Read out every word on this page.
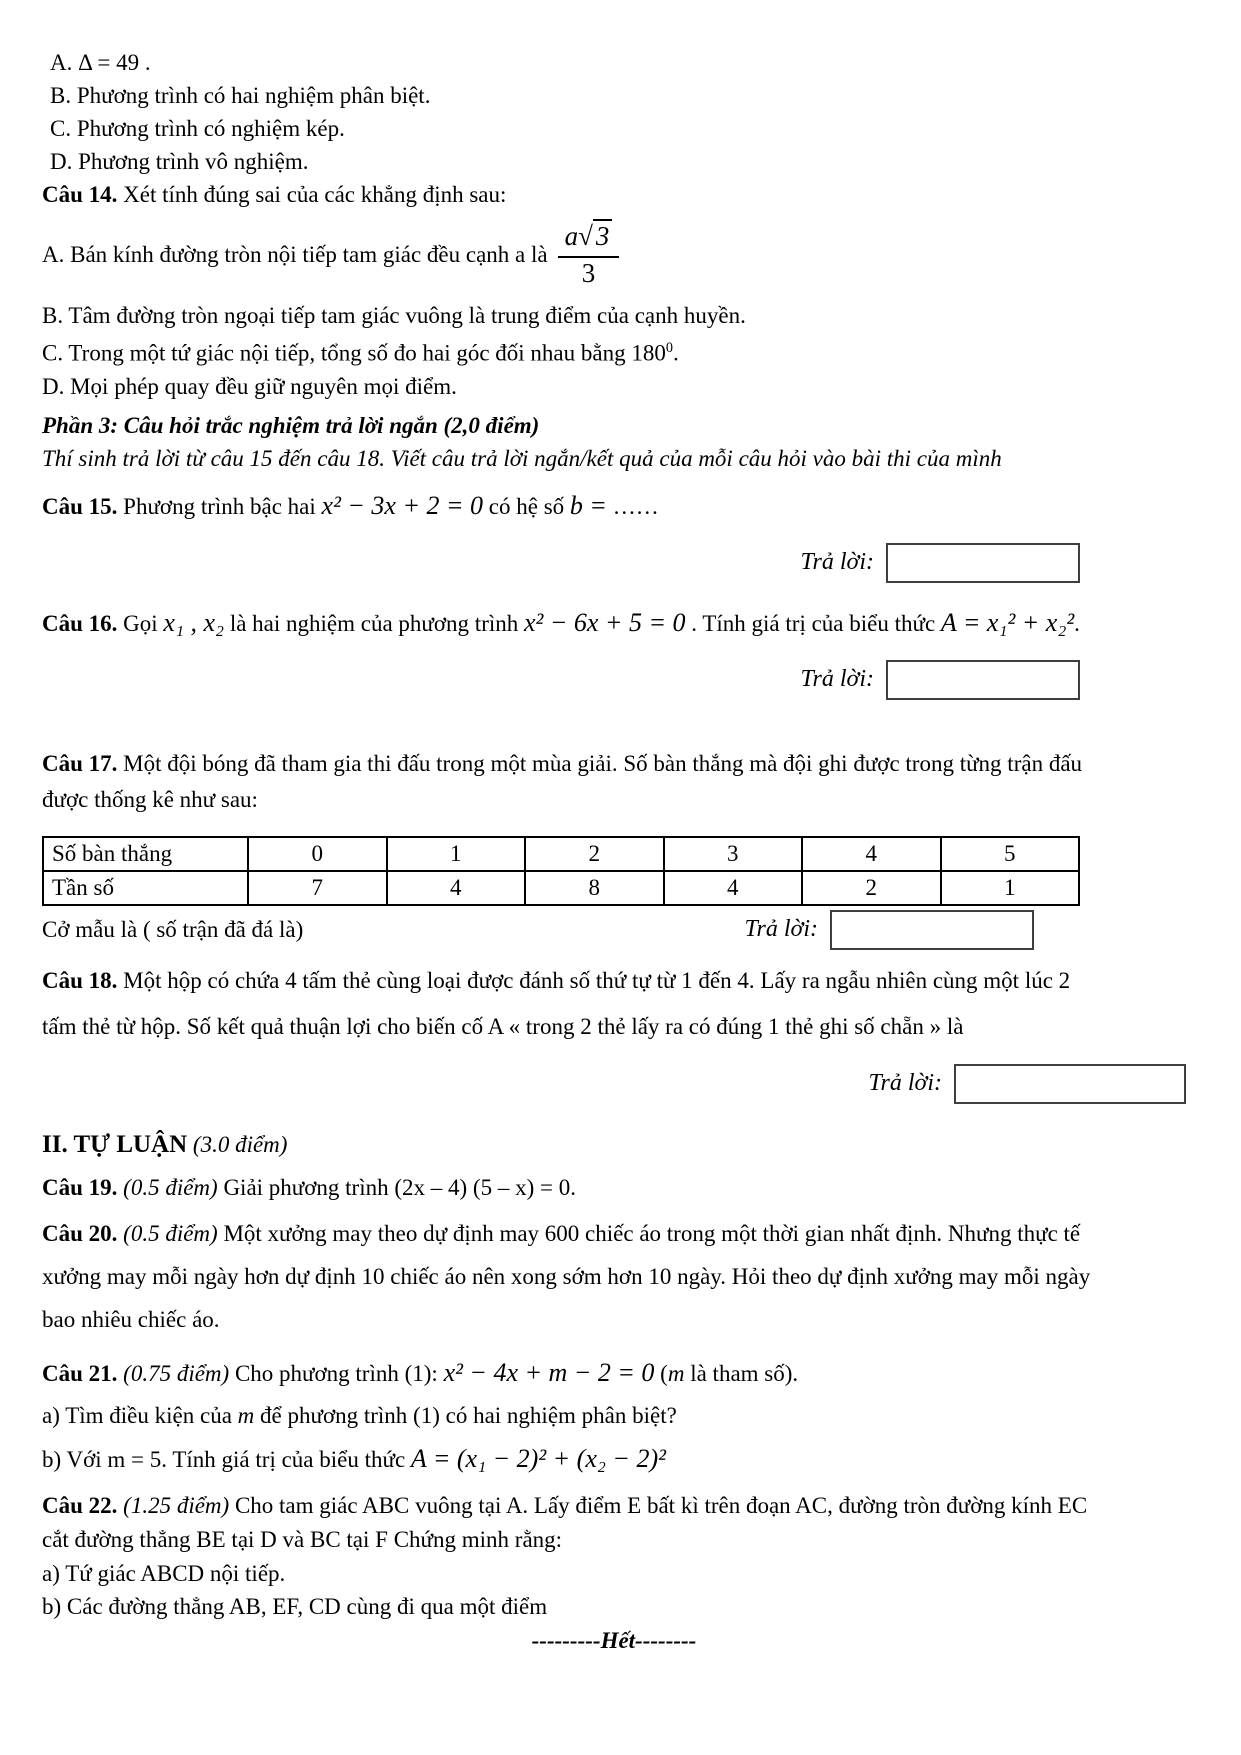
A. Δ = 49 .

B. Phương trình có hai nghiệm phân biệt.

C. Phương trình có nghiệm kép.

D. Phương trình vô nghiệm.

Câu 14. Xét tính đúng sai của các khẳng định sau:

A. Bán kính đường tròn nội tiếp tam giác đều cạnh a là $\frac{a√ 3}{3}$

B. Tâm đường tròn ngoại tiếp tam giác vuông là trung điểm của cạnh huyền.

C. Trong một tứ giác nội tiếp, tổng số đo hai góc đối nhau bằng $180^0$.

D. Mọi phép quay đều giữ nguyên mọi điểm.

Phần 3: Câu hỏi trắc nghiệm trả lời ngắn (2,0 điểm)

Thí sinh trả lời từ câu 15 đến câu 18. Viết câu trả lời ngắn/kết quả của mỗi câu hỏi vào bài thi của mình

Câu 15. Phương trình bậc hai x² − 3x + 2 = 0 có hệ số b = ……

Trả lời:

Câu 16. Gọi x₁ , x₂ là hai nghiệm của phương trình x² − 6x + 5 = 0 . Tính giá trị của biểu thức A = x₁² + x₂².

Trả lời:

Câu 17. Một đội bóng đã tham gia thi đấu trong một mùa giải. Số bàn thắng mà đội ghi được trong từng trận đấu được thống kê như sau:

Số bàn thắng	0	1	2	3	4	5
Tần số	7	4	8	4	2	1
Cở mẫu là ( số trận đã đá là)	Trả lời:

Câu 18. Một hộp có chứa 4 tấm thẻ cùng loại được đánh số thứ tự từ 1 đến 4. Lấy ra ngẫu nhiên cùng một lúc 2 tấm thẻ từ hộp. Số kết quả thuận lợi cho biến cố A « trong 2 thẻ lấy ra có đúng 1 thẻ ghi số chẵn » là

Trả lời:

II. TỰ LUẬN (3.0 điểm)

Câu 19. (0.5 điểm) Giải phương trình (2x – 4) (5 – x) = 0.

Câu 20. (0.5 điểm) Một xưởng may theo dự định may 600 chiếc áo trong một thời gian nhất định. Nhưng thực tế xưởng may mỗi ngày hơn dự định 10 chiếc áo nên xong sớm hơn 10 ngày. Hỏi theo dự định xưởng may mỗi ngày bao nhiêu chiếc áo.

Câu 21. (0.75 điểm) Cho phương trình (1): x² − 4x + m − 2 = 0 (m là tham số).

a) Tìm điều kiện của m để phương trình (1) có hai nghiệm phân biệt?

b) Với m = 5. Tính giá trị của biểu thức A = (x₁ − 2)² + (x₂ − 2)²

Câu 22. (1.25 điểm) Cho tam giác ABC vuông tại A. Lấy điểm E bất kì trên đoạn AC, đường tròn đường kính EC cắt đường thẳng BE tại D và BC tại F Chứng minh rằng:

a) Tứ giác ABCD nội tiếp.

b) Các đường thẳng AB, EF, CD cùng đi qua một điểm

---------Hết--------
